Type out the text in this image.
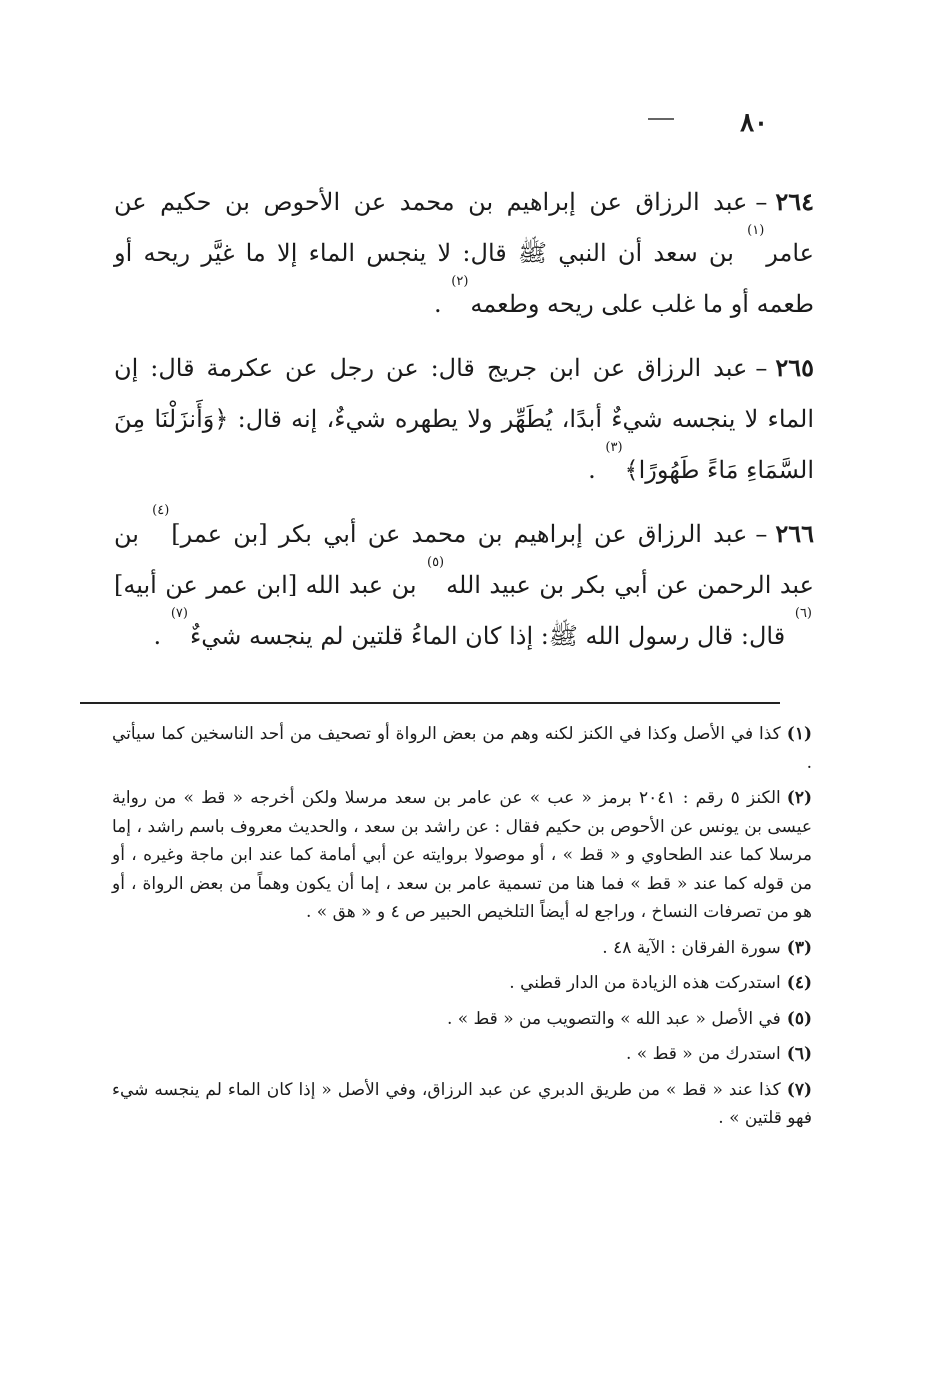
٨٠

٢٦٤–عبد الرزاق عن إبراهيم بن محمد عن الأحوص بن حكيم عن عامر$^{(١)}$ بن سعد أن النبي ﷺ قال: لا ينجس الماء إلا ما غيَّر ريحه أو طعمه أو ما غلب على ريحه وطعمه$^{(٢)}$ .

٢٦٥–عبد الرزاق عن ابن جريج قال: عن رجل عن عكرمة قال: إن الماء لا ينجسه شيءٌ أبدًا، يُطَهِّر ولا يطهره شيءٌ، إنه قال: ﴿وَأَنزَلْنَا مِنَ السَّمَاءِ مَاءً طَهُورًا﴾$^{(٣)}$ .

٢٦٦–عبد الرزاق عن إبراهيم بن محمد عن أبي بكر [بن عمر]$^{(٤)}$ بن عبد الرحمن عن أبي بكر بن عبيد الله$^{(٥)}$ بن عبد الله [ابن عمر عن أبيه]$^{(٦)}$ قال: قال رسول الله ﷺ: إذا كان الماءُ قلتين لم ينجسه شيءٌ$^{(٧)}$ .

(١)كذا في الأصل وكذا في الكنز لكنه وهم من بعض الرواة أو تصحيف من أحد الناسخين كما سيأتي .

(٢)الكنز ٥ رقم : ٢٠٤١ برمز « عب » عن عامر بن سعد مرسلا ولكن أخرجه « قط » من رواية عيسى بن يونس عن الأحوص بن حكيم فقال : عن راشد بن سعد ، والحديث معروف باسم راشد ، إما مرسلا كما عند الطحاوي و « قط » ، أو موصولا بروايته عن أبي أمامة كما عند ابن ماجة وغيره ، أو من قوله كما عند « قط » فما هنا من تسمية عامر بن سعد ، إما أن يكون وهماً من بعض الرواة ، أو هو من تصرفات النساخ ، وراجع له أيضاً التلخيص الحبير ص ٤ و « هق » .

(٣)سورة الفرقان : الآية ٤٨ .

(٤)استدركت هذه الزيادة من الدار قطني .

(٥)في الأصل « عبد الله » والتصويب من « قط » .

(٦)استدرك من « قط » .

(٧)كذا عند « قط » من طريق الدبري عن عبد الرزاق، وفي الأصل « إذا كان الماء لم ينجسه شيء فهو قلتين » .
